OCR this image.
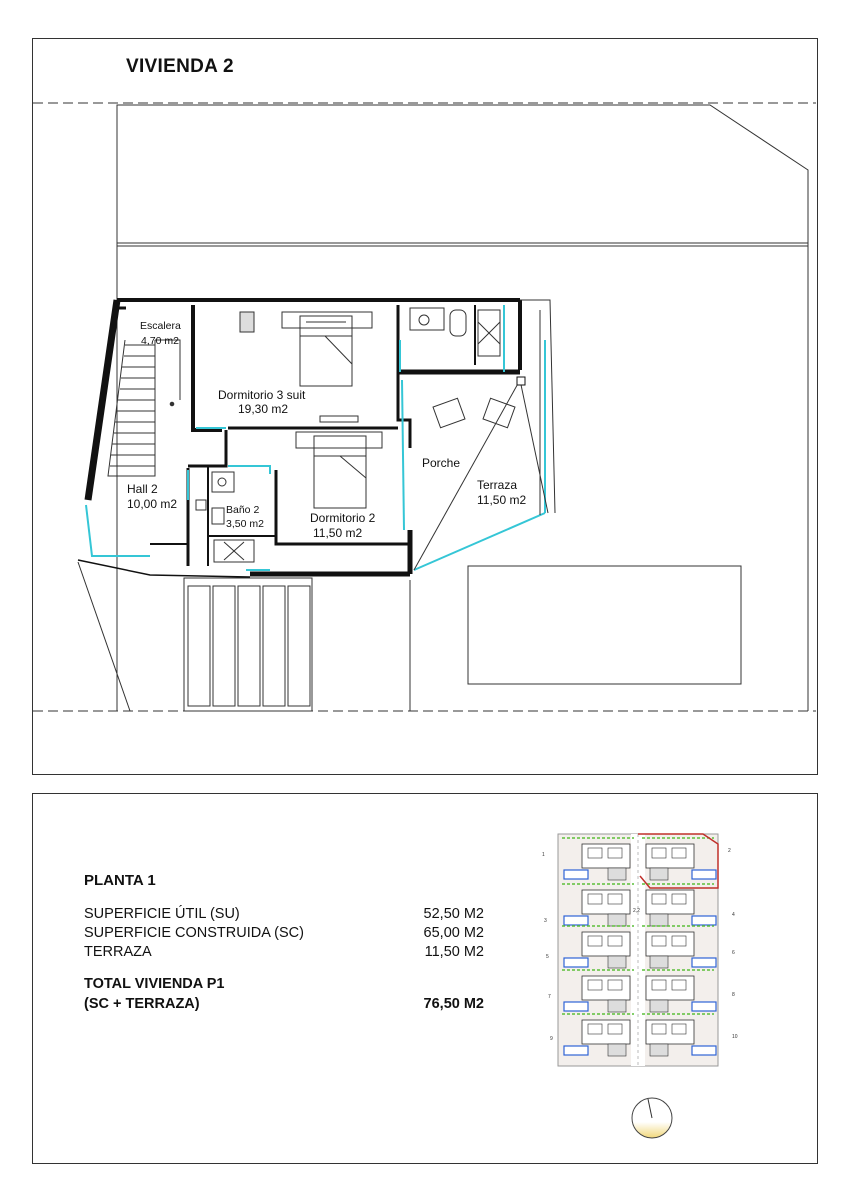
VIVIENDA 2
Escalera
4,70 m2
Dormitorio 3 suit
19,30 m2
Hall 2
10,00 m2	Baño 2
3,50 m2	Dormitorio 2
11,50 m2
Porche
Terraza
11,50 m2
PLANTA 1
SUPERFICIE ÚTIL (SU)	52,50 M2
SUPERFICIE CONSTRUIDA (SC)	65,00 M2
TERRAZA	11,50 M2
TOTAL VIVIENDA P1
(SC + TERRAZA)	76,50 M2
1
2
3
4
5
6
7	8
9	10
2,2
